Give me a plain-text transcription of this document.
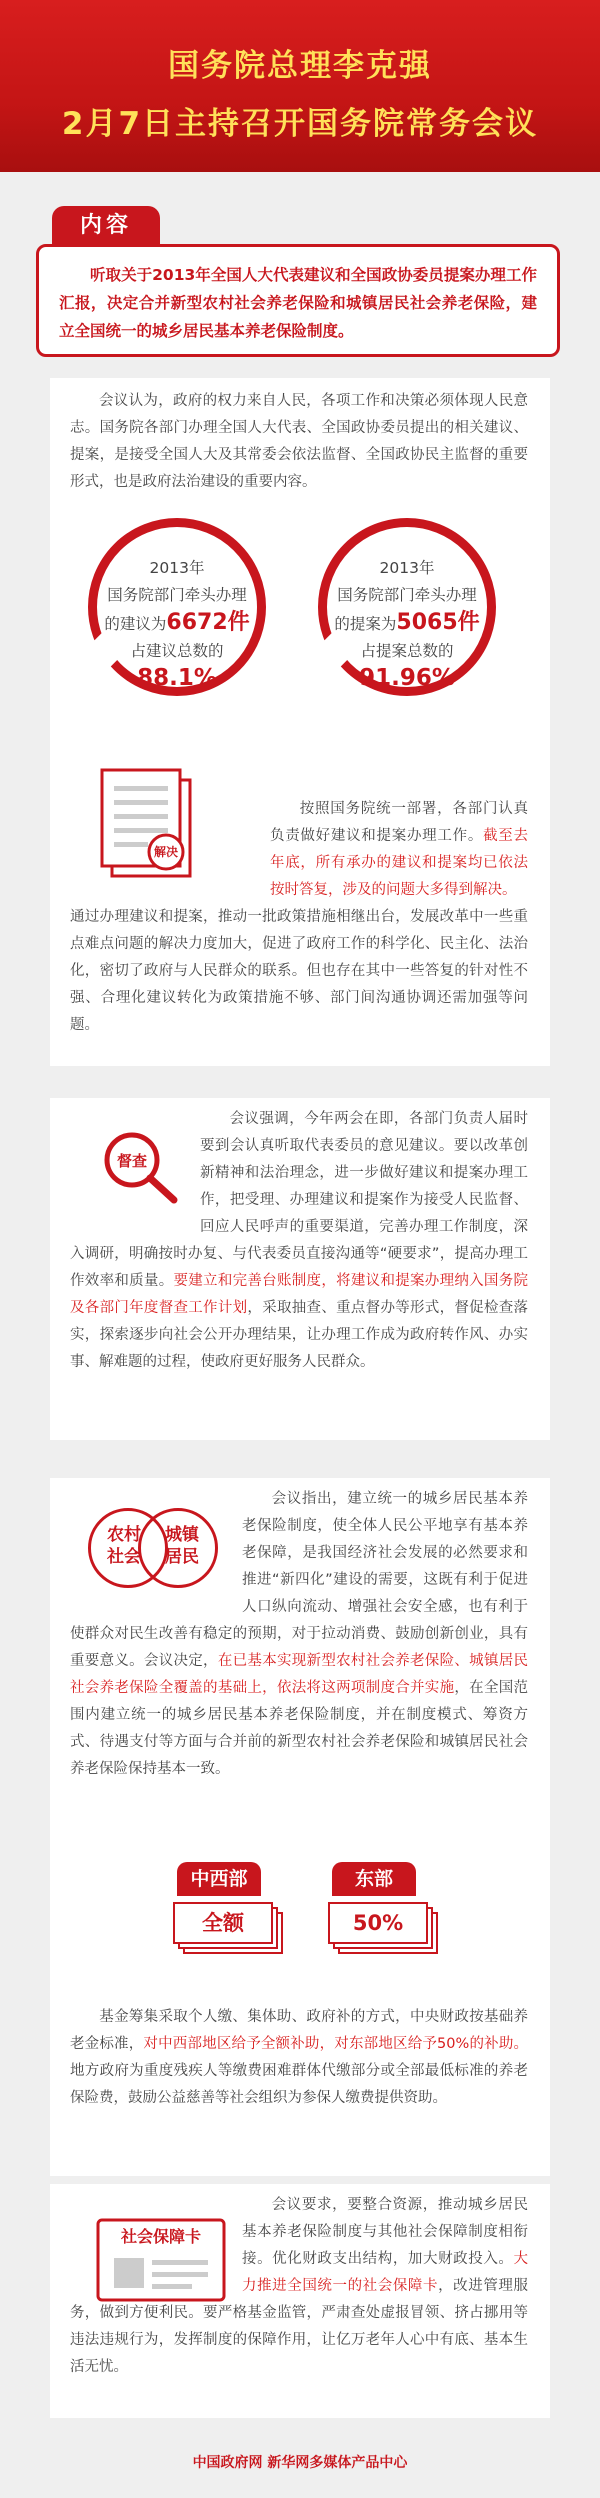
国务院总理李克强
2月7日主持召开国务院常务会议
内容

听取关于2013年全国人大代表建议和全国政协委员提案办理工作汇报，决定合并新型农村社会养老保险和城镇居民社会养老保险，建立全国统一的城乡居民基本养老保险制度。

会议认为，政府的权力来自人民，各项工作和决策必须体现人民意志。国务院各部门办理全国人大代表、全国政协委员提出的相关建议、提案，是接受全国人大及其常委会依法监督、全国政协民主监督的重要形式，也是政府法治建设的重要内容。

2013年
国务院部门牵头办理
的建议为6672件
占建议总数的
88.1%
2013年
国务院部门牵头办理
的提案为5065件
占提案总数的
91.96%
解决

按照国务院统一部署，各部门认真负责做好建议和提案办理工作。截至去年底，所有承办的建议和提案均已依法按时答复，涉及的问题大多得到解决。

通过办理建议和提案，推动一批政策措施相继出台，发展改革中一些重点难点问题的解决力度加大，促进了政府工作的科学化、民主化、法治化，密切了政府与人民群众的联系。但也存在其中一些答复的针对性不强、合理化建议转化为政策措施不够、部门间沟通协调还需加强等问题。

督查

会议强调，今年两会在即，各部门负责人届时要到会认真听取代表委员的意见建议。要以改革创新精神和法治理念，进一步做好建议和提案办理工作，把受理、办理建议和提案作为接受人民监督、回应人民呼声的重要渠道，完善办理工作制度，深入调研，明确按时办复、与代表委员直接沟通等“硬要求”，提高办理工作效率和质量。要建立和完善台账制度，将建议和提案办理纳入国务院及各部门年度督查工作计划，采取抽查、重点督办等形式，督促检查落实，探索逐步向社会公开办理结果，让办理工作成为政府转作风、办实事、解难题的过程，使政府更好服务人民群众。

农村
社会
城镇
居民

会议指出，建立统一的城乡居民基本养老保险制度，使全体人民公平地享有基本养老保障，是我国经济社会发展的必然要求和推进“新四化”建设的需要，这既有利于促进人口纵向流动、增强社会安全感，也有利于使群众对民生改善有稳定的预期，对于拉动消费、鼓励创新创业，具有重要意义。会议决定，在已基本实现新型农村社会养老保险、城镇居民社会养老保险全覆盖的基础上，依法将这两项制度合并实施，在全国范围内建立统一的城乡居民基本养老保险制度，并在制度模式、筹资方式、待遇支付等方面与合并前的新型农村社会养老保险和城镇居民社会养老保险保持基本一致。

中西部
全额
东部
50%

基金筹集采取个人缴、集体助、政府补的方式，中央财政按基础养老金标准，对中西部地区给予全额补助，对东部地区给予50%的补助。地方政府为重度残疾人等缴费困难群体代缴部分或全部最低标准的养老保险费，鼓励公益慈善等社会组织为参保人缴费提供资助。

社会保障卡

会议要求，要整合资源，推动城乡居民基本养老保险制度与其他社会保障制度相衔接。优化财政支出结构，加大财政投入。大力推进全国统一的社会保障卡，改进管理服务，做到方便利民。要严格基金监管，严肃查处虚报冒领、挤占挪用等违法违规行为，发挥制度的保障作用，让亿万老年人心中有底、基本生活无忧。

中国政府网 新华网多媒体产品中心
